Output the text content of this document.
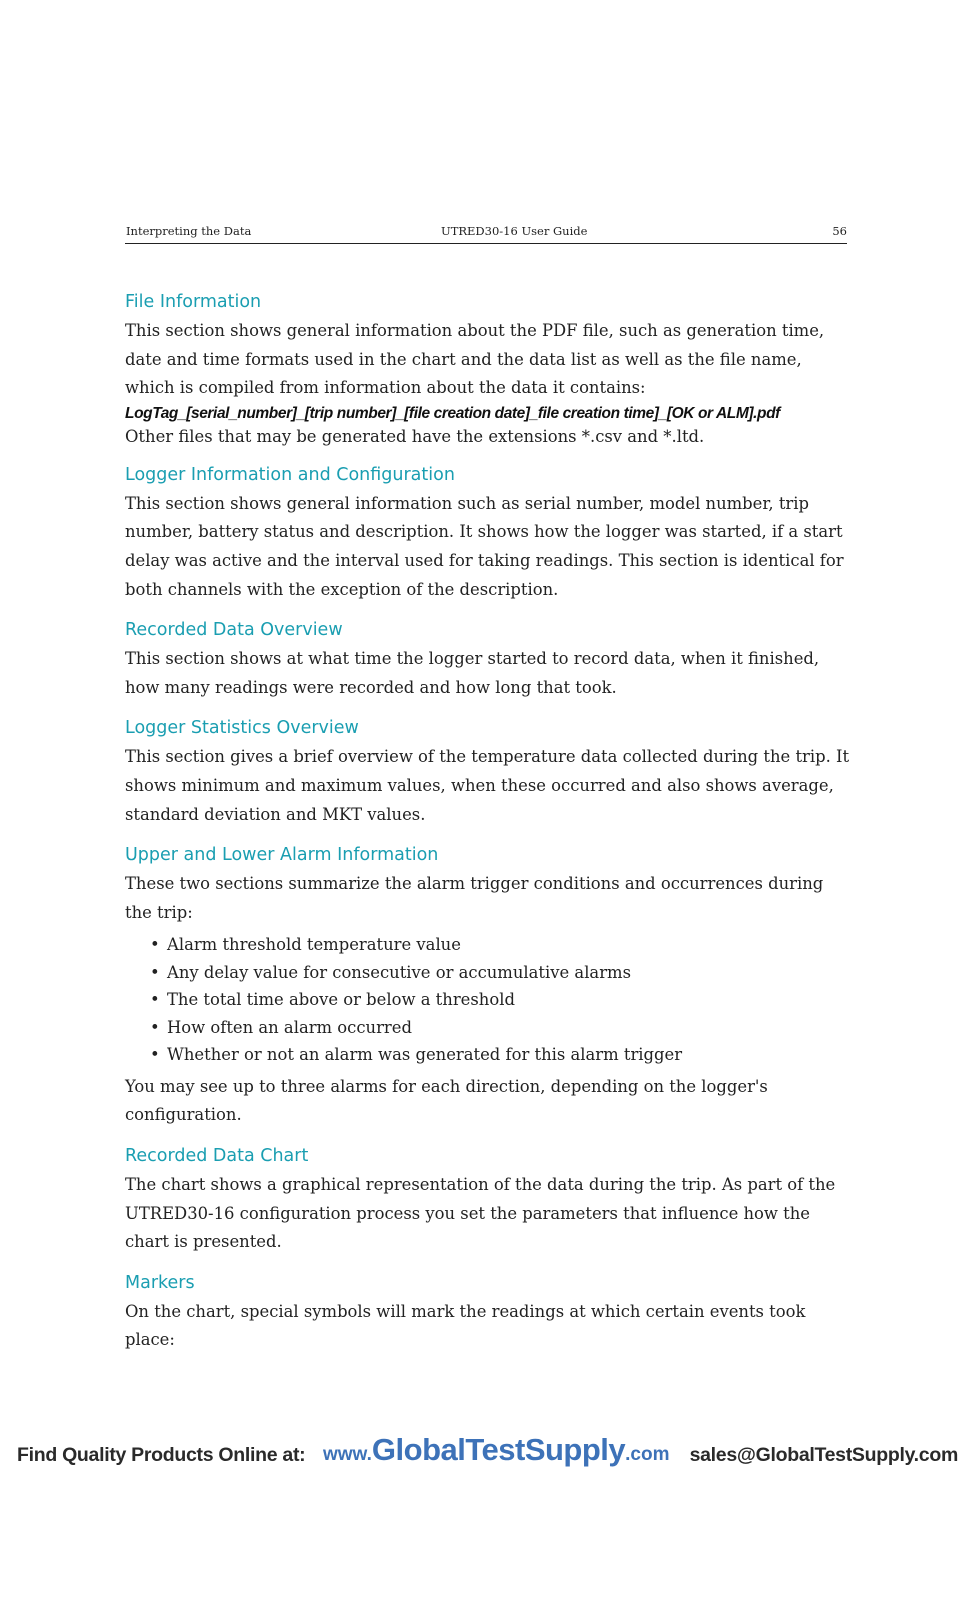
Interpreting the Data	UTRED30-16 User Guide	56
File Information

This section shows general information about the PDF file, such as generation time, date and time formats used in the chart and the data list as well as the file name, which is compiled from information about the data it contains:

LogTag_[serial_number]_[trip number]_[file creation date]_file creation time]_[OK or ALM].pdf

Other files that may be generated have the extensions *.csv and *.ltd.

Logger Information and Configuration

This section shows general information such as serial number, model number, trip number, battery status and description. It shows how the logger was started, if a start delay was active and the interval used for taking readings. This section is identical for both channels with the exception of the description.

Recorded Data Overview

This section shows at what time the logger started to record data, when it finished, how many readings were recorded and how long that took.

Logger Statistics Overview

This section gives a brief overview of the temperature data collected during the trip. It shows minimum and maximum values, when these occurred and also shows average, standard deviation and MKT values.

Upper and Lower Alarm Information

These two sections summarize the alarm trigger conditions and occurrences during the trip:

• Alarm threshold temperature value
• Any delay value for consecutive or accumulative alarms
• The total time above or below a threshold
• How often an alarm occurred
• Whether or not an alarm was generated for this alarm trigger

You may see up to three alarms for each direction, depending on the logger's configuration.

Recorded Data Chart

The chart shows a graphical representation of the data during the trip. As part of the UTRED30-16 configuration process you set the parameters that influence how the chart is presented.

Markers

On the chart, special symbols will mark the readings at which certain events took place:

Find Quality Products Online at: www.GlobalTestSupply.com sales@GlobalTestSupply.com
